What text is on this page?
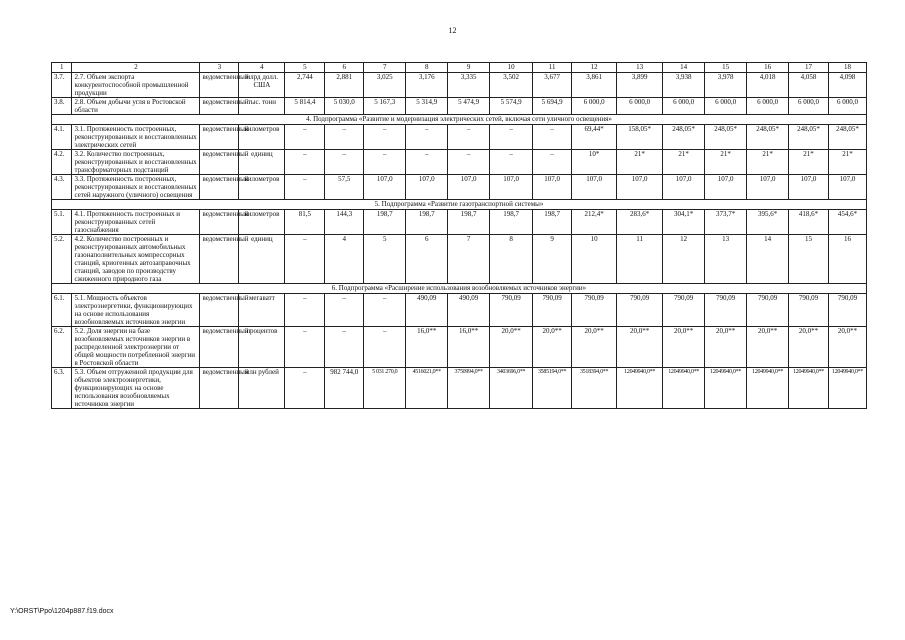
12
1	2	3	4	5	6	7	8	9	10	11	12	13	14	15	16	17	18
3.7.	2.7. Объем экспорта конкурентоспособной промышленной продукции	ведомственный	млрд долл. США	2,744	2,881	3,025	3,176	3,335	3,502	3,677	3,861	3,899	3,938	3,978	4,018	4,058	4,098
3.8.	2.8. Объем добычи угля в Ростовской области	ведомственный	тыс. тонн	5 814,4	5 030,0	5 167,3	5 314,9	5 474,9	5 574,9	5 694,9	6 000,0	6 000,0	6 000,0	6 000,0	6 000,0	6 000,0	6 000,0
4. Подпрограмма «Развитие и модернизация электрических сетей, включая сети уличного освещения»																	
4.1.	3.1. Протяженность построенных, реконструированных и восстановленных электрических сетей	ведомственный	километров	–	–	–	–	–	–	–	69,44*	158,05*	248,05*	248,05*	248,05*	248,05*	248,05*
4.2.	3.2. Количество построенных, реконструированных и восстановленных трансформаторных подстанций	ведомственный	единиц	–	–	–	–	–	–	–	10*	21*	21*	21*	21*	21*	21*
4.3.	3.3. Протяженность построенных, реконструированных и восстановленных сетей наружного (уличного) освещения	ведомственный	километров	–	57,5	107,0	107,0	107,0	107,0	107,0	107,0	107,0	107,0	107,0	107,0	107,0	107,0
5. Подпрограмма «Развитие газотранспортной системы»																	
5.1.	4.1. Протяженность построенных и реконструированных сетей газоснабжения	ведомственный	километров	81,5	144,3	198,7	198,7	198,7	198,7	198,7	212,4*	283,6*	304,1*	373,7*	395,6*	418,6*	454,6*
5.2.	4.2. Количество построенных и реконструированных автомобильных газонаполнительных компрессорных станций, криогенных автозаправочных станций, заводов по производству сжиженного природного газа	ведомственный	единиц	–	4	5	6	7	8	9	10	11	12	13	14	15	16
6. Подпрограмма «Расширение использования возобновляемых источников энергии»																	
6.1.	5.1. Мощность объектов электроэнергетики, функционирующих на основе использования возобновляемых источников энергии	ведомственный	мегаватт	–	–	–	490,09	490,09	790,09	790,09	790,09	790,09	790,09	790,09	790,09	790,09	790,09
6.2.	5.2. Доля энергии на базе возобновляемых источников энергии в распределенной электроэнергии от общей мощности потребленной энергии в Ростовской области	ведомственный	процентов	–	–	–	16,0**	16,0**	20,0**	20,0**	20,0**	20,0**	20,0**	20,0**	20,0**	20,0**	20,0**
6.3.	5.3. Объем отгруженной продукции для объектов электроэнергетики, функционирующих на основе использования возобновляемых источников энергии	ведомственный	млн рублей	–	982 744,0	5 031 270,0	4516021,0**	3750994,0**	3403696,0**	3585194,0**	3518394,0**	12049940,0**	12049940,0**	12049940,0**	12049940,0**	12049940,0**	12049940,0**
Y:\ORST\Ppo\1204p887.f19.docx
